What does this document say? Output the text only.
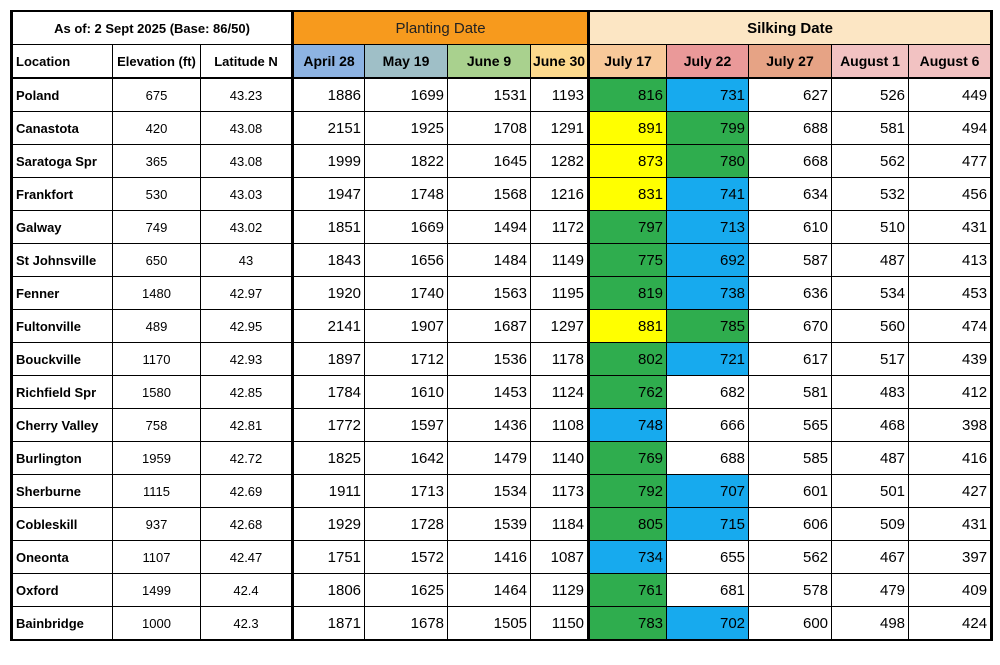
As of: 2 Sept 2025 (Base: 86/50)			Planting Date				Silking Date				
Location	Elevation (ft)	Latitude N	April 28	May 19	June 9	June 30	July 17	July 22	July 27	August 1	August 6
Poland	675	43.23	1886	1699	1531	1193	816	731	627	526	449
Canastota	420	43.08	2151	1925	1708	1291	891	799	688	581	494
Saratoga Spr	365	43.08	1999	1822	1645	1282	873	780	668	562	477
Frankfort	530	43.03	1947	1748	1568	1216	831	741	634	532	456
Galway	749	43.02	1851	1669	1494	1172	797	713	610	510	431
St Johnsville	650	43	1843	1656	1484	1149	775	692	587	487	413
Fenner	1480	42.97	1920	1740	1563	1195	819	738	636	534	453
Fultonville	489	42.95	2141	1907	1687	1297	881	785	670	560	474
Bouckville	1170	42.93	1897	1712	1536	1178	802	721	617	517	439
Richfield Spr	1580	42.85	1784	1610	1453	1124	762	682	581	483	412
Cherry Valley	758	42.81	1772	1597	1436	1108	748	666	565	468	398
Burlington	1959	42.72	1825	1642	1479	1140	769	688	585	487	416
Sherburne	1115	42.69	1911	1713	1534	1173	792	707	601	501	427
Cobleskill	937	42.68	1929	1728	1539	1184	805	715	606	509	431
Oneonta	1107	42.47	1751	1572	1416	1087	734	655	562	467	397
Oxford	1499	42.4	1806	1625	1464	1129	761	681	578	479	409
Bainbridge	1000	42.3	1871	1678	1505	1150	783	702	600	498	424
